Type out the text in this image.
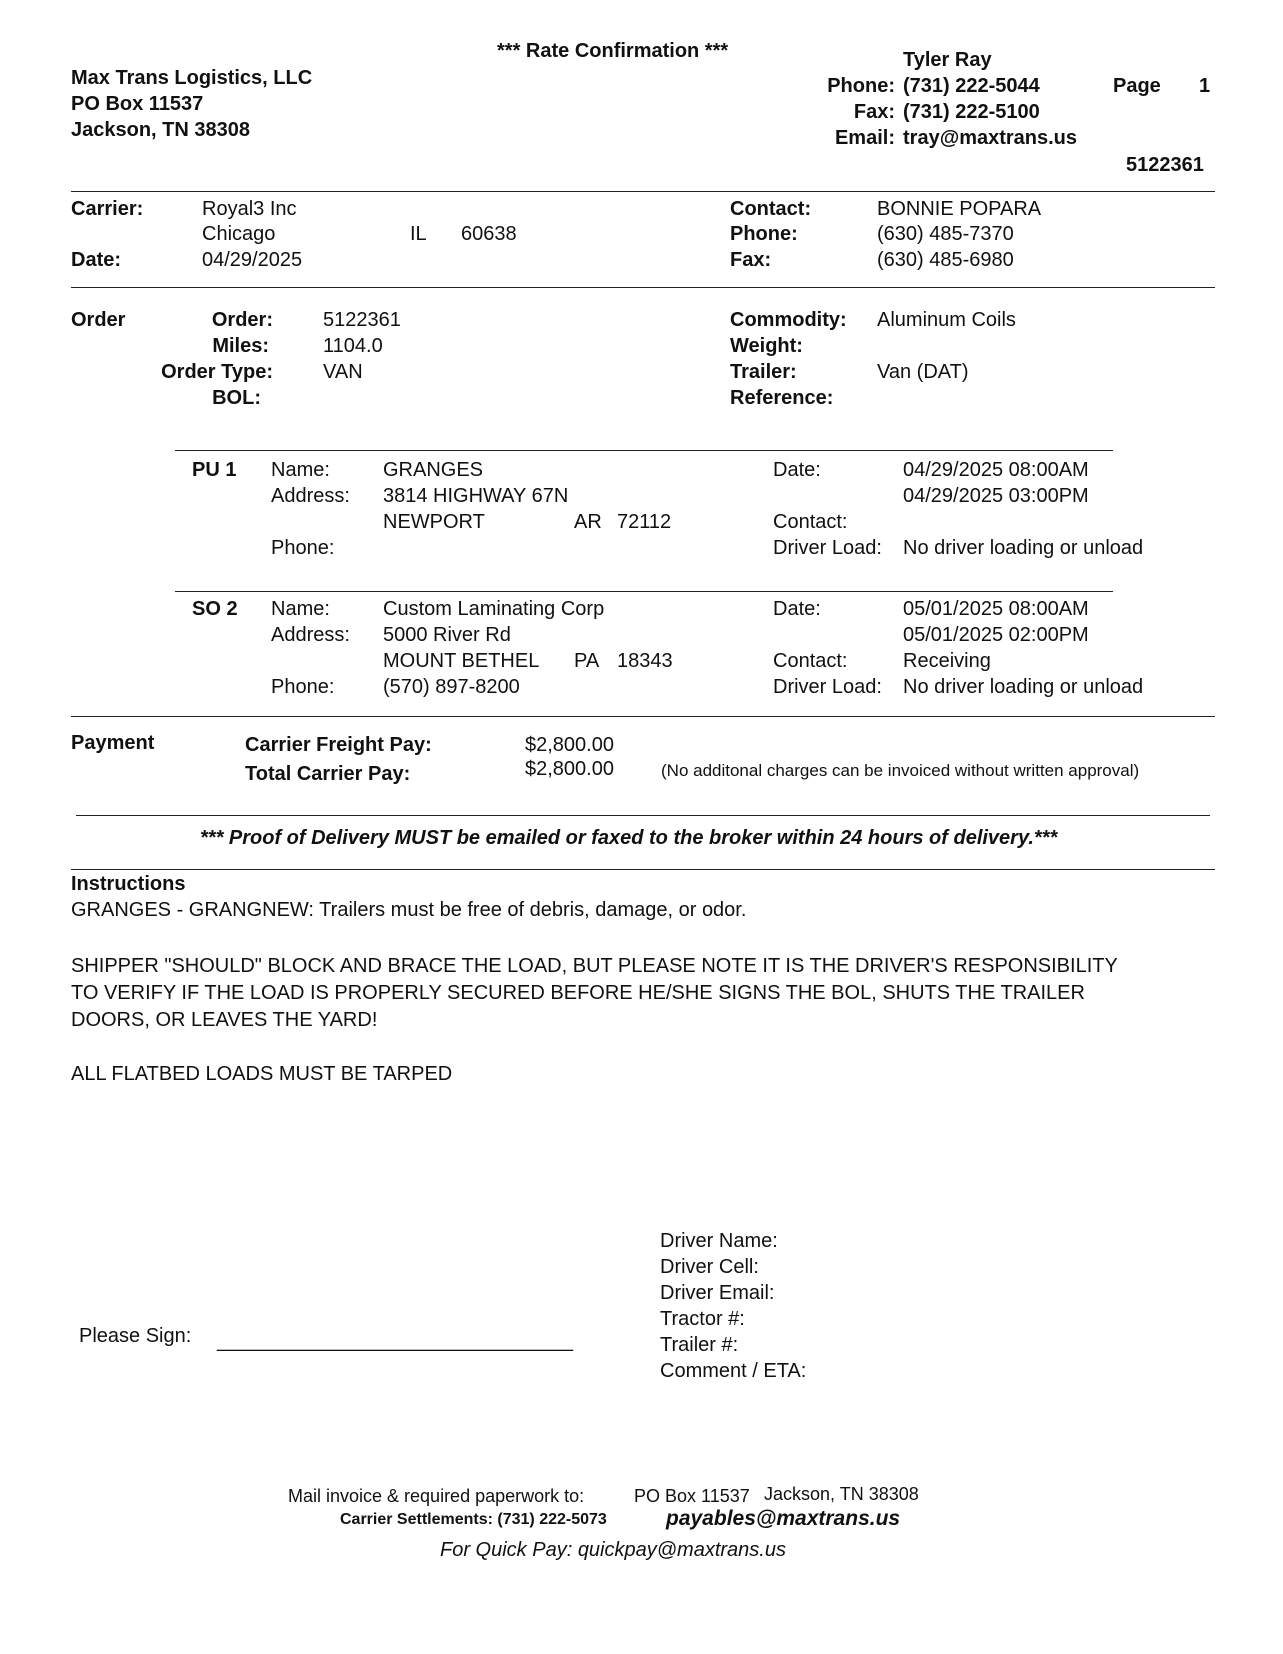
*** Rate Confirmation ***
Max Trans Logistics, LLC
PO Box 11537
Jackson, TN 38308
Tyler Ray
Phone: (731) 222-5044
Fax: (731) 222-5100
Email: tray@maxtrans.us
Page 1
5122361
Carrier:	Royal3 Inc
Chicago	IL 60638
Date:	04/29/2025
Contact:	BONNIE POPARA
Phone:	(630) 485-7370
Fax:	(630) 485-6980
Order	Order:	5122361
Miles:	1104.0
Order Type:	VAN
BOL:
Commodity: Aluminum Coils
Weight:
Trailer:	Van (DAT)
Reference:
PU 1 Name:	GRANGES
Address: 3814 HIGHWAY 67N
NEWPORT	AR 72112
Phone:
Date:	04/29/2025 08:00AM
04/29/2025 03:00PM
Contact:
Driver Load: No driver loading or unload
SO 2 Name:	Custom Laminating Corp
Address: 5000 River Rd
MOUNT BETHEL PA 18343
Phone: (570) 897-8200
Date:	05/01/2025 08:00AM
05/01/2025 02:00PM
Contact:	Receiving
Driver Load: No driver loading or unload
Payment	Carrier Freight Pay:	$2,800.00
Total Carrier Pay:	$2,800.00	(No additonal charges can be invoiced without written approval)
*** Proof of Delivery MUST be emailed or faxed to the broker within 24 hours of delivery.***
Instructions
GRANGES - GRANGNEW: Trailers must be free of debris, damage, or odor.
SHIPPER "SHOULD" BLOCK AND BRACE THE LOAD, BUT PLEASE NOTE IT IS THE DRIVER'S RESPONSIBILITY
TO VERIFY IF THE LOAD IS PROPERLY SECURED BEFORE HE/SHE SIGNS THE BOL, SHUTS THE TRAILER
DOORS, OR LEAVES THE YARD!
ALL FLATBED LOADS MUST BE TARPED
Please Sign: ________________________________
Driver Name:
Driver Cell:
Driver Email:
Tractor #:
Trailer #:
Comment / ETA:
Mail invoice & required paperwork to:	PO Box 11537 Jackson, TN 38308
Carrier Settlements: (731) 222-5073	payables@maxtrans.us
For Quick Pay: quickpay@maxtrans.us
